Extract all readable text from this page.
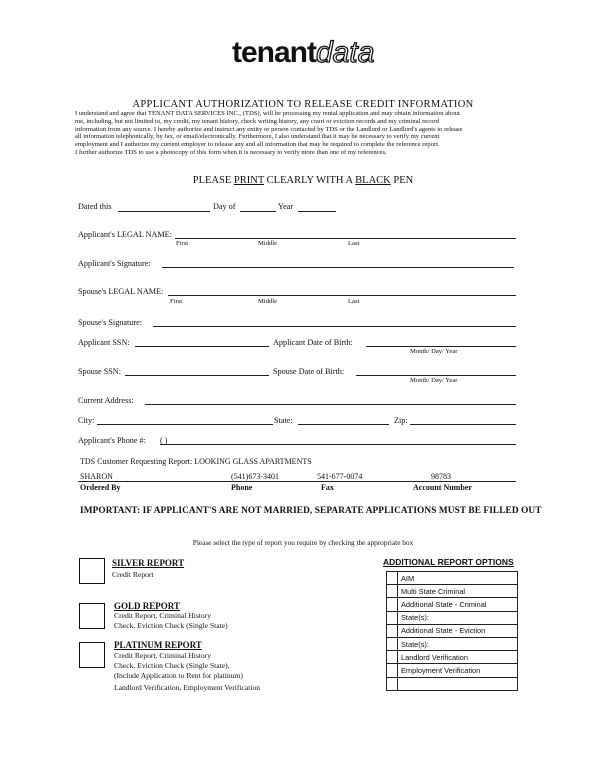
tenantdata
APPLICANT AUTHORIZATION TO RELEASE CREDIT INFORMATION
I understand and agree that TENANT DATA SERVICES INC., (TDS), will be processing my rental application and may obtain information about
me, including, but not limited to, my credit, my tenant history, check writing history, any court or eviction records and my criminal record
information from any source. I hereby authorize and instruct any entity or person contacted by TDS or the Landlord or Landlord's agents to release
all information telephonically, by fax, or email/electronically. Furthermore, I also understand that it may be necessary to verify my current
employment and I authorize my current employer to release any and all information that may be required to complete the reference report.
I further authorize TDS to use a photocopy of this form when it is necessary to verify more than one of my references.
PLEASE PRINT CLEARLY WITH A BLACK PEN
Dated this	Day of	Year
Applicant's LEGAL NAME:
First	Middle	Last
Applicant's Signature:
Spouse's LEGAL NAME:
First	Middle	Last
Spouse's Signature:
Applicant SSN:	Applicant Date of Birth:
Month/ Day/ Year
Spouse SSN:	Spouse Date of Birth:
Month/ Day/ Year
Current Address:
City:	State:	Zip:
Applicant's Phone #: ( )
TDS Customer Requesting Report: LOOKING GLASS APARTMENTS
SHARON	(541)673-3401	541-677-0074	98783
Ordered By	Phone	Fax	Account Number
IMPORTANT: IF APPLICANT'S ARE NOT MARRIED, SEPARATE APPLICATIONS MUST BE FILLED OUT
Please select the type of report you require by checking the appropriate box
SILVER REPORT
Credit Report
GOLD REPORT
Credit Report, Criminal History
Check, Eviction Check (Single State)
PLATINUM REPORT
Credit Report, Criminal History
Check, Eviction Check (Single State),
(Include Application to Rent for platinum)
Landlord Verification, Employment Verification
ADDITIONAL REPORT OPTIONS
	AIM
	Multi State Criminal
	Additional State - Criminal
	State(s):
	Additional State - Eviction
	State(s):
	Landlord Verification
	Employment Verification
